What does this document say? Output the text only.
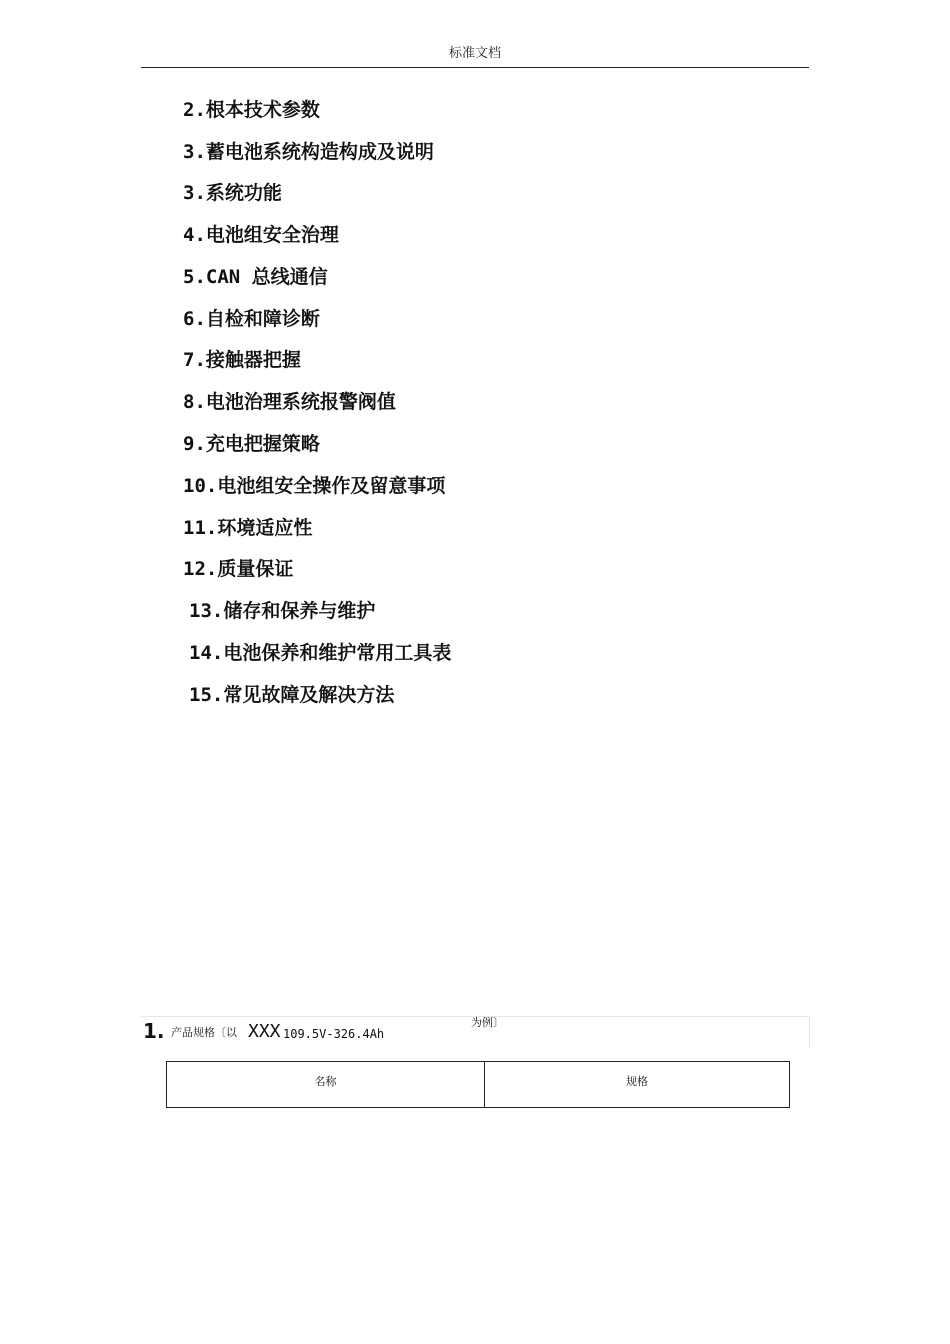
标准文档
2.根本技术参数
3.蓄电池系统构造构成及说明
3.系统功能
4.电池组安全治理
5.CAN 总线通信
6.自检和障诊断
7.接触器把握
8.电池治理系统报警阀值
9.充电把握策略
10.电池组安全操作及留意事项
11.环境适应性
12.质量保证
13.储存和保养与维护
14.电池保养和维护常用工具表
15.常见故障及解决方法
1. 产品规格〔以 XXX 109.5V-326.4Ah
为例〕
名称	规格
